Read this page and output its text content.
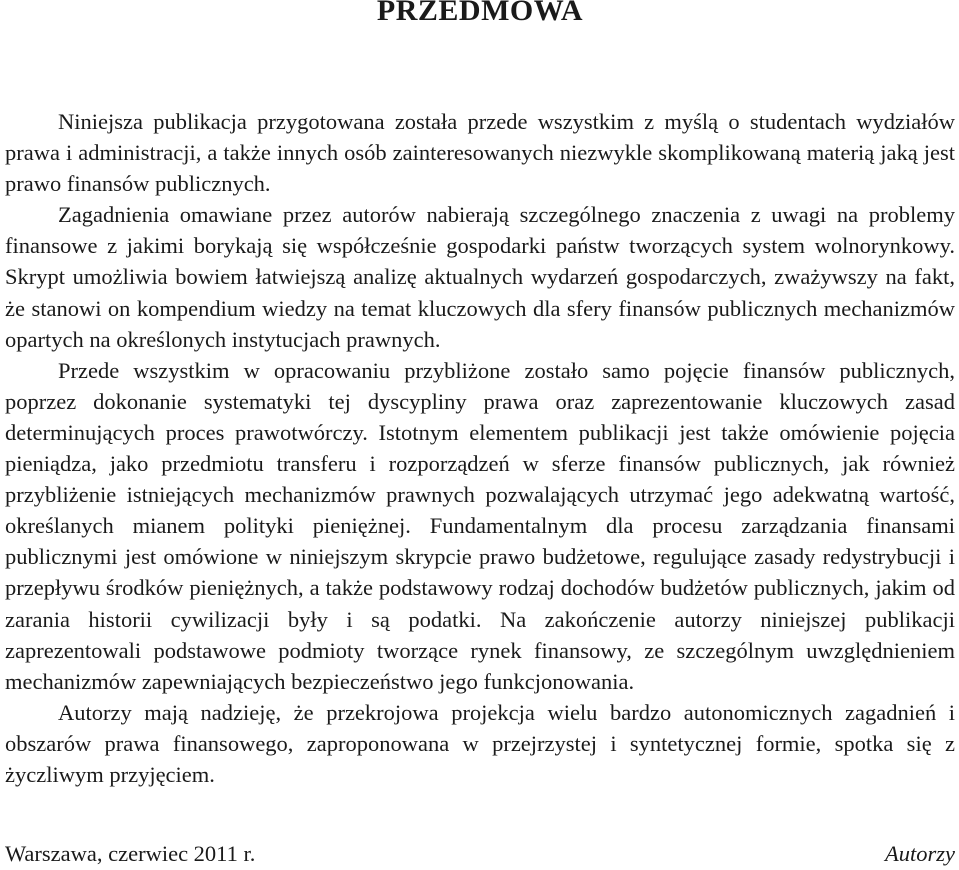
PRZEDMOWA

Niniejsza publikacja przygotowana została przede wszystkim z myślą o studentach wydziałów prawa i administracji, a także innych osób zainteresowanych niezwykle skomplikowaną materią jaką jest prawo finansów publicznych.

Zagadnienia omawiane przez autorów nabierają szczególnego znaczenia z uwagi na problemy finansowe z jakimi borykają się współcześnie gospodarki państw tworzących system wolnorynkowy. Skrypt umożliwia bowiem łatwiejszą analizę aktualnych wydarzeń gospodarczych, zważywszy na fakt, że stanowi on kompendium wiedzy na temat kluczowych dla sfery finansów publicznych mechanizmów opartych na określonych instytucjach prawnych.

Przede wszystkim w opracowaniu przybliżone zostało samo pojęcie finansów publicznych, poprzez dokonanie systematyki tej dyscypliny prawa oraz zaprezentowanie kluczowych zasad determinujących proces prawotwórczy. Istotnym elementem publikacji jest także omówienie pojęcia pieniądza, jako przedmiotu transferu i rozporządzeń w sferze finansów publicznych, jak również przybliżenie istniejących mechanizmów prawnych pozwalających utrzymać jego adekwatną wartość, określanych mianem polityki pieniężnej. Fundamentalnym dla procesu zarządzania finansami publicznymi jest omówione w niniejszym skrypcie prawo budżetowe, regulujące zasady redystrybucji i przepływu środków pieniężnych, a także podstawowy rodzaj dochodów budżetów publicznych, jakim od zarania historii cywilizacji były i są podatki. Na zakończenie autorzy niniejszej publikacji zaprezentowali podstawowe podmioty tworzące rynek finansowy, ze szczególnym uwzględnieniem mechanizmów zapewniających bezpieczeństwo jego funkcjonowania.

Autorzy mają nadzieję, że przekrojowa projekcja wielu bardzo autonomicznych zagadnień i obszarów prawa finansowego, zaproponowana w przejrzystej i syntetycznej formie, spotka się z życzliwym przyjęciem.

Warszawa, czerwiec 2011 r.	Autorzy
